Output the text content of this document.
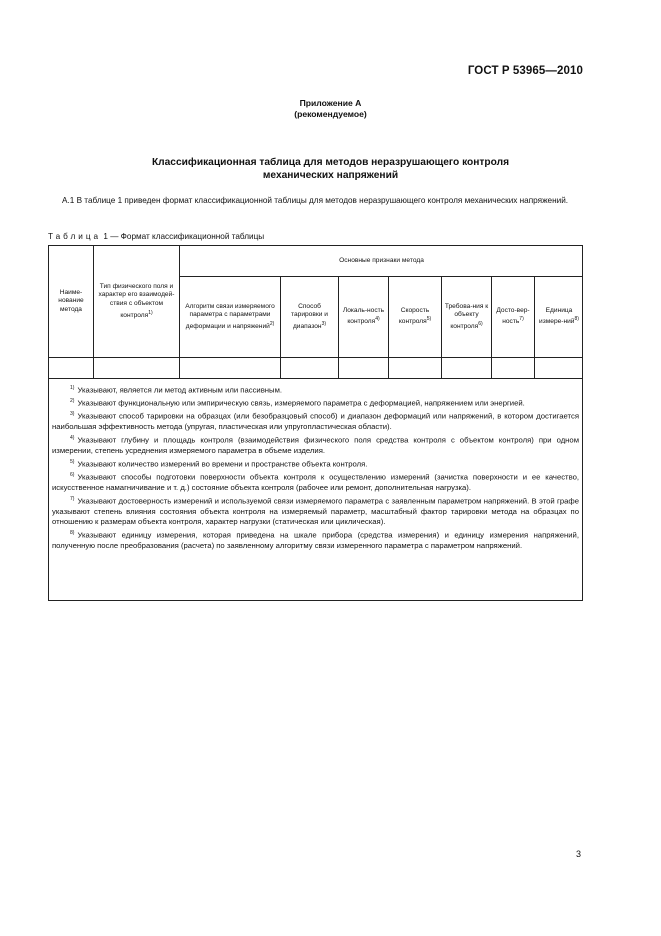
ГОСТ Р 53965—2010
Приложение А
(рекомендуемое)
Классификационная таблица для методов неразрушающего контроля
механических напряжений
А.1 В таблице 1 приведен формат классификационной таблицы для методов неразрушающего контроля механических напряжений.
Таблица 1 — Формат классификационной таблицы
Наиме-нование метода
Тип физического поля и характер его взаимодей-ствия с объектом контроля$^{1)}$
Основные признаки метода
Алгоритм связи измеряемого параметра с параметрами деформации и напряжений$^{2)}$
Способ тарировки и диапазон$^{3)}$
Локаль-ность контроля$^{4)}$
Скорость контроля$^{5)}$
Требова-ния к объекту контроля$^{6)}$
Досто-вер-ность$^{7)}$
Единица измере-ний$^{8)}$

$^{1)}$ Указывают, является ли метод активным или пассивным.

$^{2)}$ Указывают функциональную или эмпирическую связь, измеряемого параметра с деформацией, напряжением или энергией.

$^{3)}$ Указывают способ тарировки на образцах (или безобразцовый способ) и диапазон деформаций или напряжений, в котором достигается наибольшая эффективность метода (упругая, пластическая или упругопластическая области).

$^{4)}$ Указывают глубину и площадь контроля (взаимодействия физического поля средства контроля с объектом контроля) при одном измерении, степень усреднения измеряемого параметра в объеме изделия.

$^{5)}$ Указывают количество измерений во времени и пространстве объекта контроля.

$^{6)}$ Указывают способы подготовки поверхности объекта контроля к осуществлению измерений (зачистка поверхности и ее качество, искусственное намагничивание и т. д.) состояние объекта контроля (рабочее или ремонт, дополнительная нагрузка).

$^{7)}$ Указывают достоверность измерений и используемой связи измеряемого параметра с заявленным параметром напряжений. В этой графе указывают степень влияния состояния объекта контроля на измеряемый параметр, масштабный фактор тарировки метода на образцах по отношению к размерам объекта контроля, характер нагрузки (статическая или циклическая).

$^{8)}$ Указывают единицу измерения, которая приведена на шкале прибора (средства измерения) и единицу измерения напряжений, полученную после преобразования (расчета) по заявленному алгоритму связи измеренного параметра с параметром напряжений.

3
